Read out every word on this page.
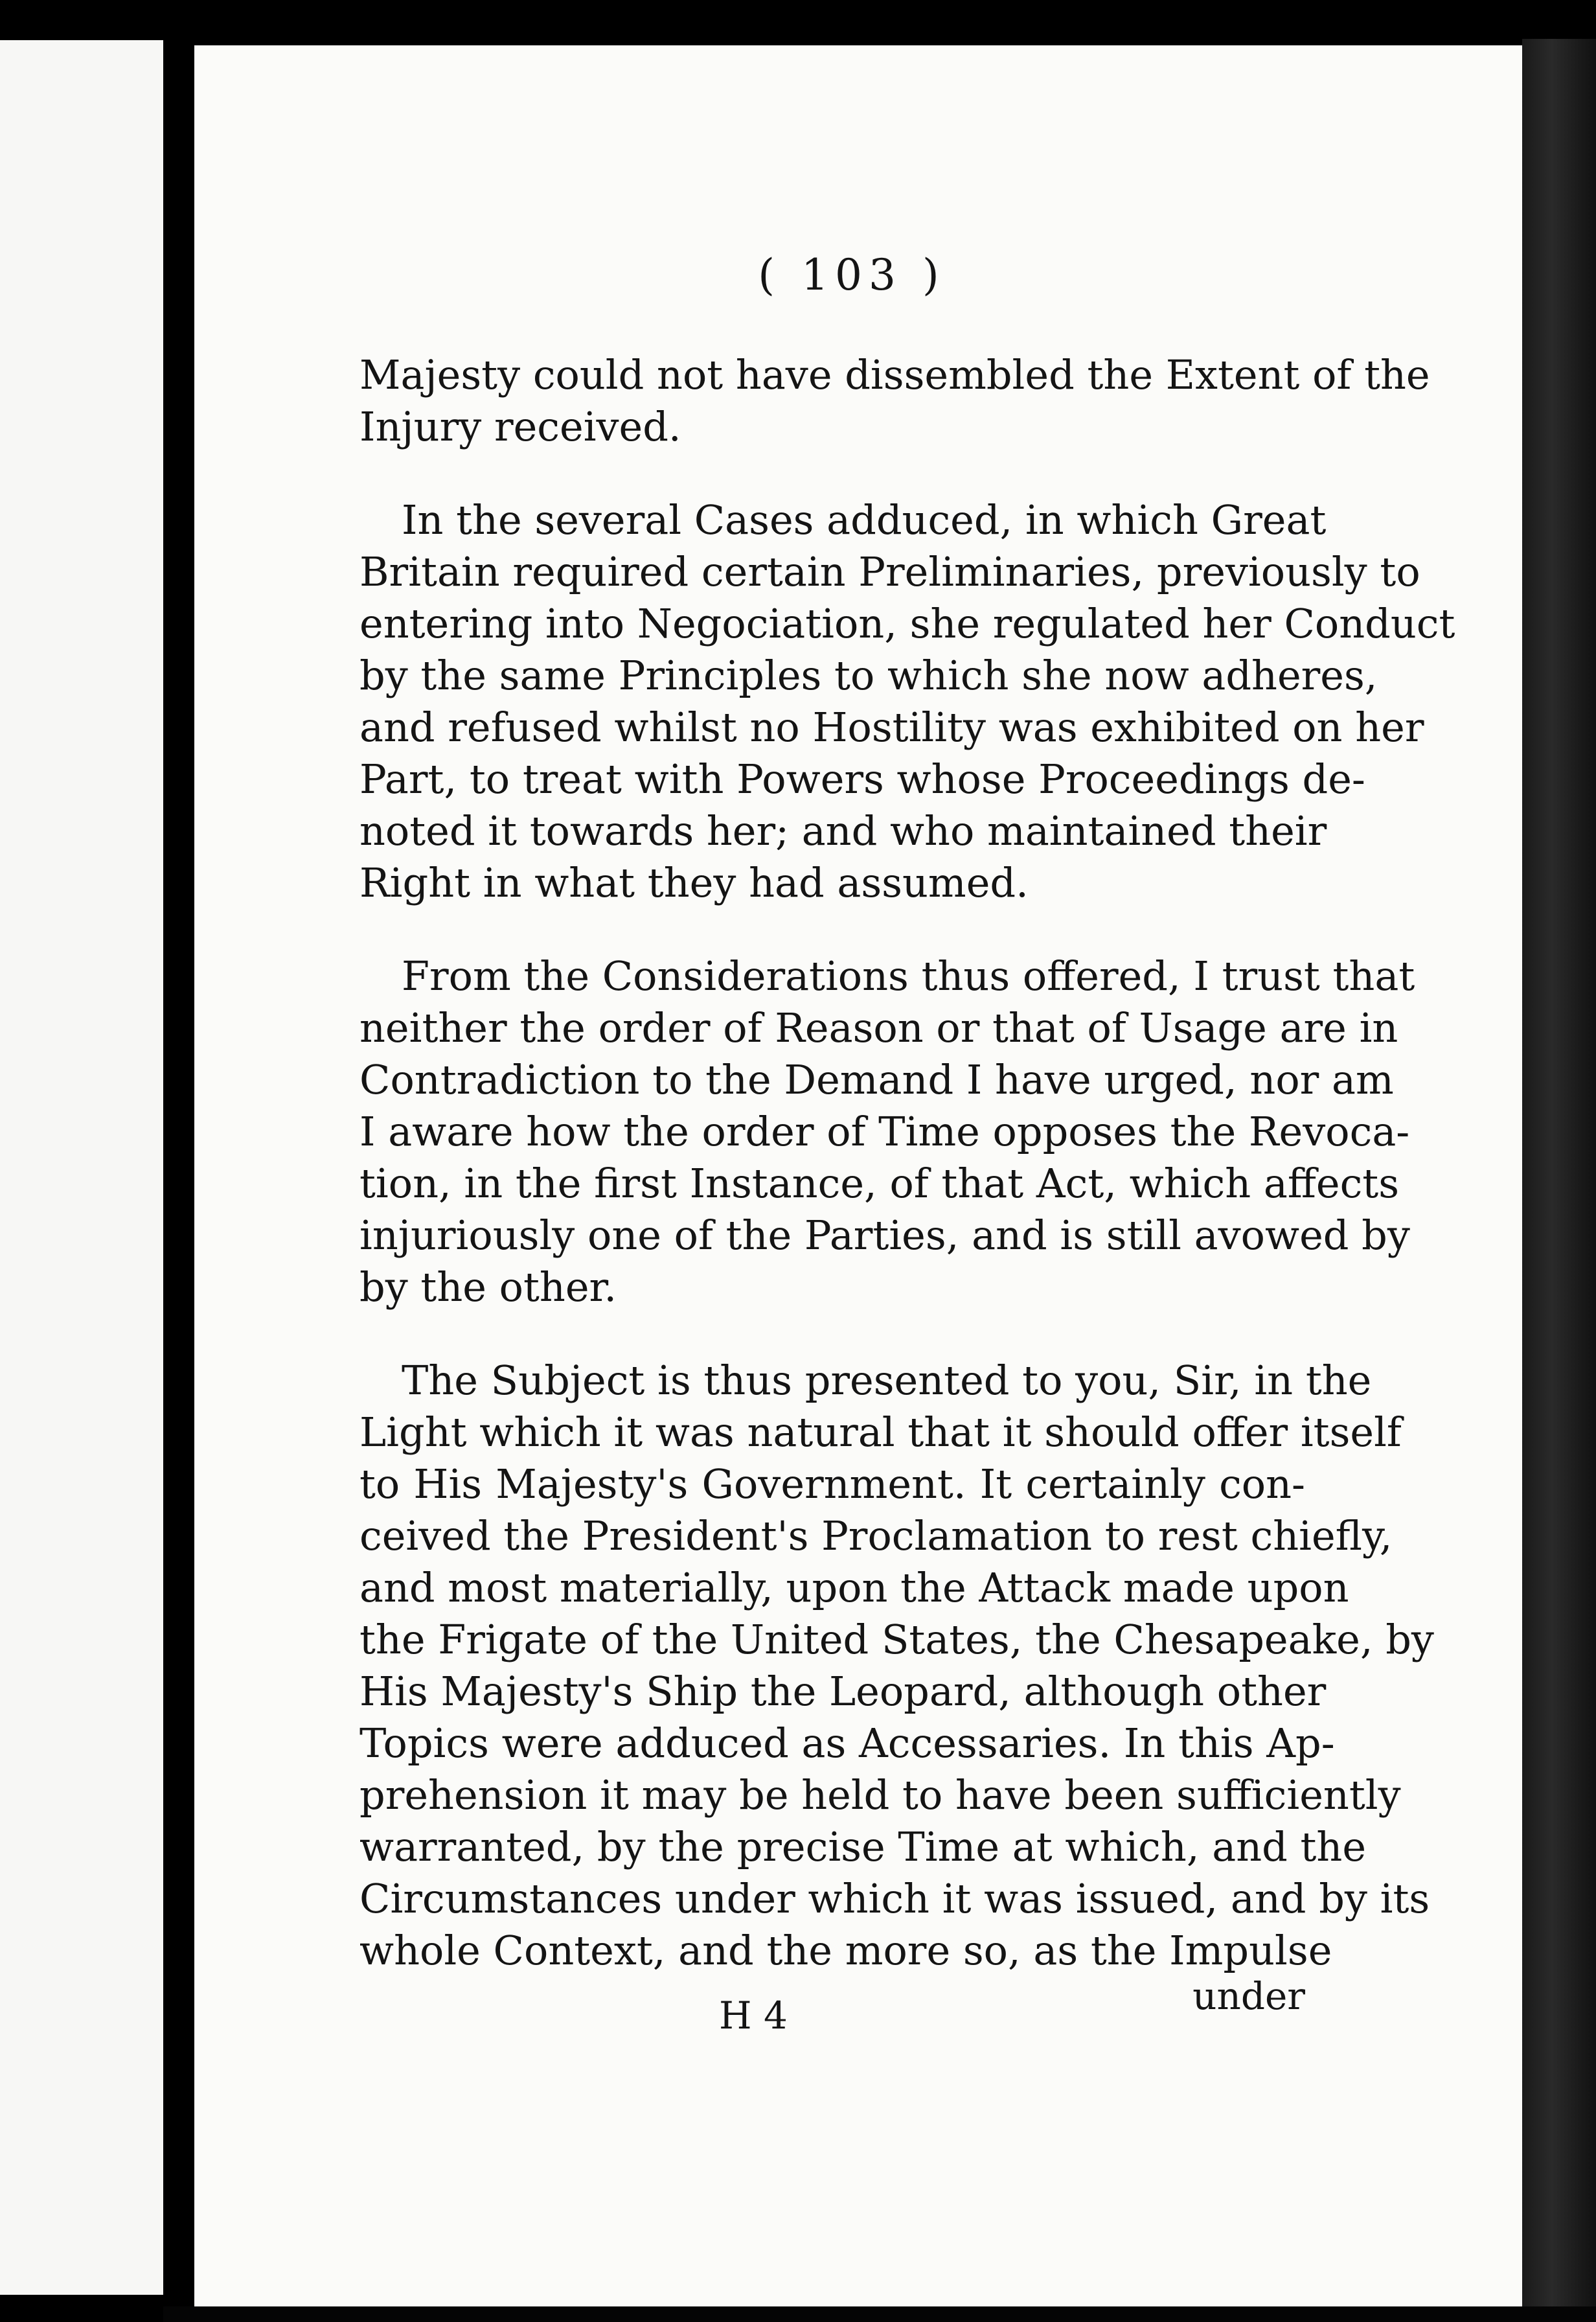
( 103 )
Majesty could not have dissembled the Extent of the
Injury received.
In the several Cases adduced, in which Great
Britain required certain Preliminaries, previously to
entering into Negociation, she regulated her Conduct
by the same Principles to which she now adheres,
and refused whilst no Hostility was exhibited on her
Part, to treat with Powers whose Proceedings de-
noted it towards her; and who maintained their
Right in what they had assumed.
From the Considerations thus offered, I trust that
neither the order of Reason or that of Usage are in
Contradiction to the Demand I have urged, nor am
I aware how the order of Time opposes the Revoca-
tion, in the first Instance, of that Act, which affects
injuriously one of the Parties, and is still avowed by
by the other.
The Subject is thus presented to you, Sir, in the
Light which it was natural that it should offer itself
to His Majesty's Government. It certainly con-
ceived the President's Proclamation to rest chiefly,
and most materially, upon the Attack made upon
the Frigate of the United States, the Chesapeake, by
His Majesty's Ship the Leopard, although other
Topics were adduced as Accessaries. In this Ap-
prehension it may be held to have been sufficiently
warranted, by the precise Time at which, and the
Circumstances under which it was issued, and by its
whole Context, and the more so, as the Impulse
H 4	under
